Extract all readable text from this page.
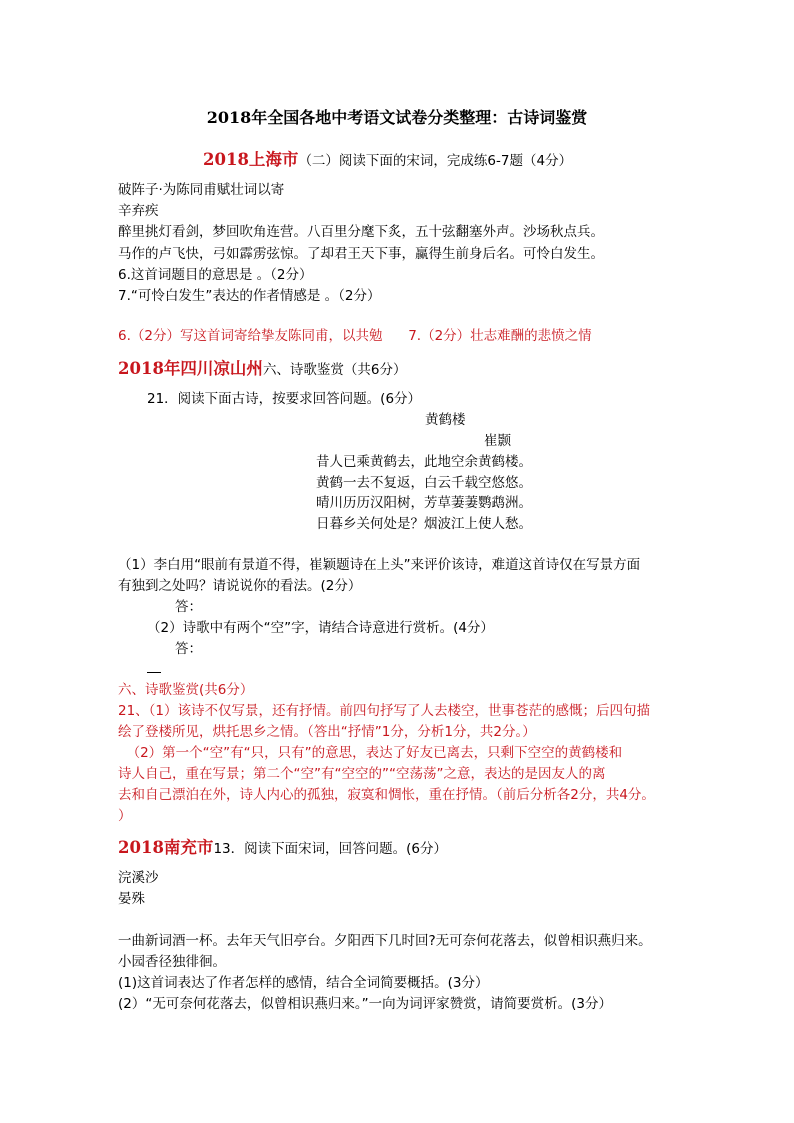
2018年全国各地中考语文试卷分类整理：古诗词鉴赏
2018上海市（二）阅读下面的宋词，完成练6-7题（4分）
破阵子·为陈同甫赋壮词以寄
辛弃疾
醉里挑灯看剑，梦回吹角连营。八百里分麾下炙，五十弦翻塞外声。沙场秋点兵。
马作的卢飞快，弓如霹雳弦惊。了却君王天下事，赢得生前身后名。可怜白发生。
6.这首词题目的意思是 。（2分）
7.“可怜白发生”表达的作者情感是 。（2分）
6.（2分）写这首词寄给挚友陈同甫，以共勉      7.（2分）壮志难酬的悲愤之情
2018年四川凉山州六、诗歌鉴赏（共6分）
21．阅读下面古诗，按要求回答问题。(6分）
黄鹤楼
崔颢
昔人已乘黄鹤去，此地空余黄鹤楼。
黄鹤一去不复返，白云千载空悠悠。
晴川历历汉阳树，芳草萋萋鹦鹉洲。
日暮乡关何处是？烟波江上使人愁。
（1）李白用“眼前有景道不得，崔颖题诗在上头”来评价该诗，难道这首诗仅在写景方面
有独到之处吗？请说说你的看法。(2分）
答：
（2）诗歌中有两个“空”字，请结合诗意进行赏析。(4分）
答：
六、诗歌鉴赏(共6分）
21、（1）该诗不仅写景，还有抒情。前四句抒写了人去楼空，世事苍茫的感慨；后四句描
绘了登楼所见，烘托思乡之情。（答出“抒情”1分，分析1分，共2分。）
（2）第一个“空”有“只，只有”的意思，表达了好友已离去，只剩下空空的黄鹤楼和
诗人自己，重在写景；第二个“空”有“空空的”“空荡荡”之意，表达的是因友人的离
去和自己漂泊在外，诗人内心的孤独，寂寞和惆怅，重在抒情。（前后分析各2分，共4分。
）
2018南充市13．阅读下面宋词，回答问题。(6分）
浣溪沙
晏殊
一曲新词酒一杯。去年天气旧亭台。夕阳西下几时回?无可奈何花落去，似曾相识燕归来。
小园香径独徘徊。
(1)这首词表达了作者怎样的感情，结合全词简要概括。(3分）
(2）“无可奈何花落去，似曾相识燕归来。”一向为词评家赞赏，请简要赏析。(3分）
